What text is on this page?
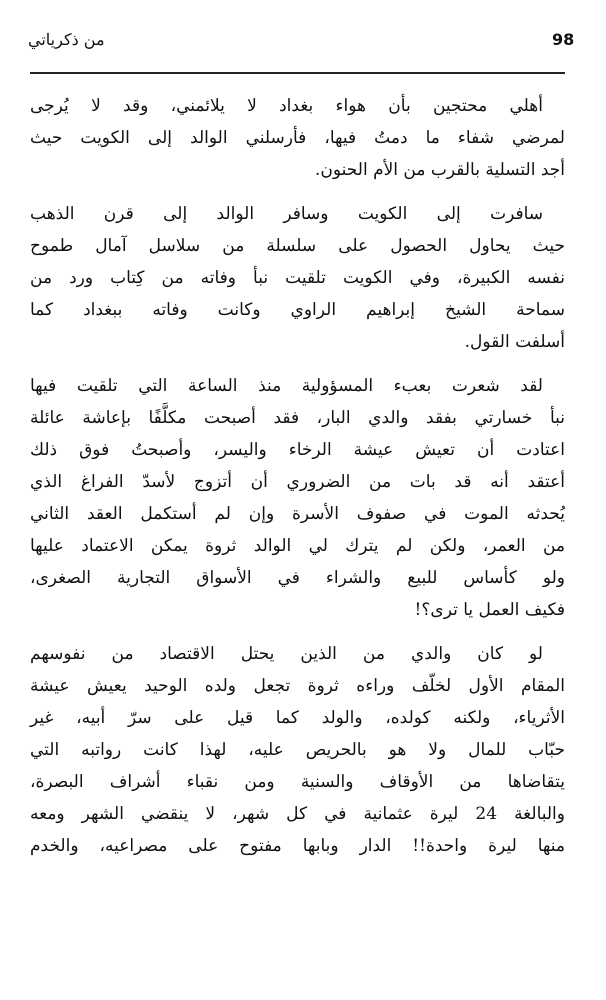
98
من ذكرياتي
أهلي محتجين بأن هواء بغداد لا يلائمني، وقد لا يُرجى
لمرضي شفاء ما دمتُ فيها، فأرسلني الوالد إلى الكويت حيث
أجد التسلية بالقرب من الأم الحنون.
سافرت إلى الكويت وسافر الوالد إلى قرن الذهب
حيث يحاول الحصول على سلسلة من سلاسل آمال طموح
نفسه الكبيرة، وفي الكويت تلقيت نبأ وفاته من كِتاب ورد من
سماحة الشيخ إبراهيم الراوي وكانت وفاته ببغداد كما
أسلفت القول.
لقد شعرت بعبء المسؤولية منذ الساعة التي تلقيت فيها
نبأ خسارتي بفقد والدي البار، فقد أصبحت مكلَّفًا بإعاشة عائلة
اعتادت أن تعيش عيشة الرخاء واليسر، وأصبحتُ فوق ذلك
أعتقد أنه قد بات من الضروري أن أتزوج لأسدّ الفراغ الذي
يُحدثه الموت في صفوف الأسرة وإن لم أستكمل العقد الثاني
من العمر، ولكن لم يترك لي الوالد ثروة يمكن الاعتماد عليها
ولو كأساس للبيع والشراء في الأسواق التجارية الصغرى،
فكيف العمل يا ترى؟!
لو كان والدي من الذين يحتل الاقتصاد من نفوسهم
المقام الأول لخلّف وراءه ثروة تجعل ولده الوحيد يعيش عيشة
الأثرياء، ولكنه كولده، والولد كما قيل على سرّ أبيه، غير
حبّاب للمال ولا هو بالحريص عليه، لهذا كانت رواتبه التي
يتقاضاها من الأوقاف والسنية ومن نقباء أشراف البصرة،
والبالغة 24 ليرة عثمانية في كل شهر، لا ينقضي الشهر ومعه
منها ليرة واحدة!! الدار وبابها مفتوح على مصراعيه، والخدم
